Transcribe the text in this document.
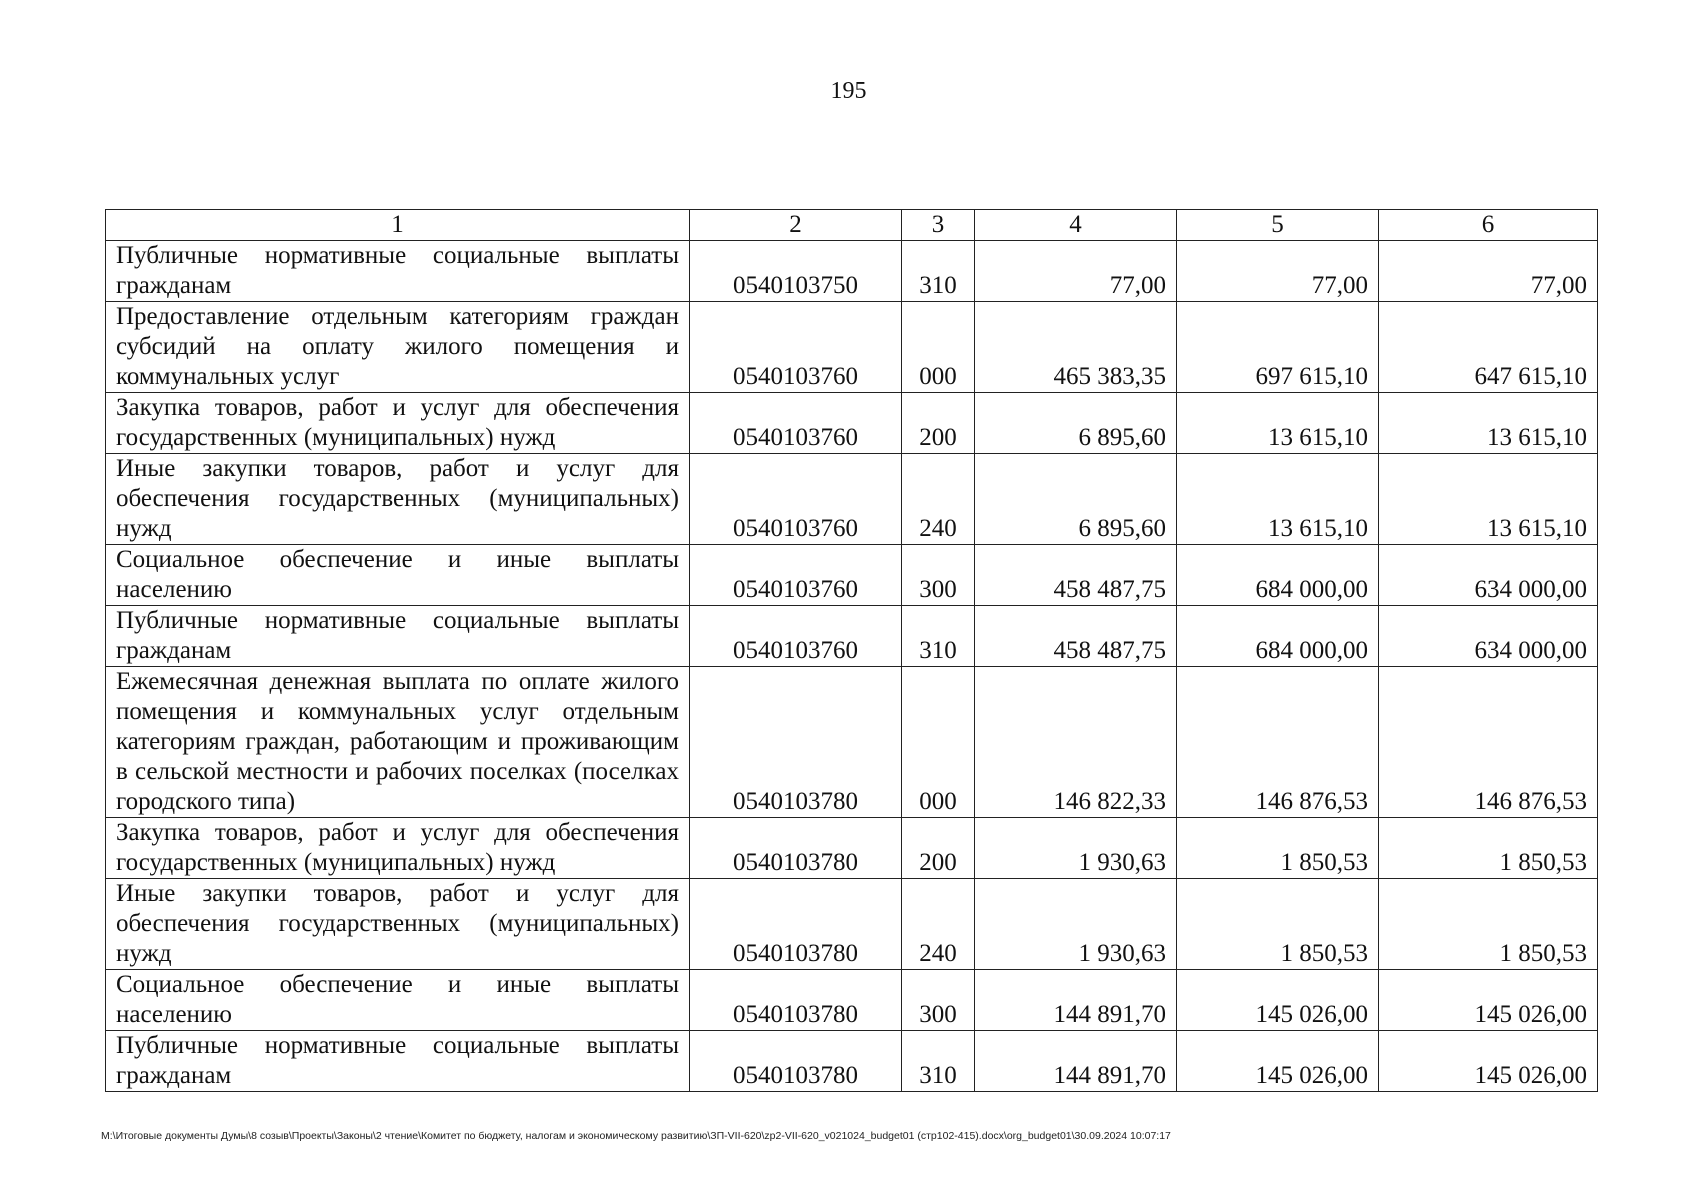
195
1	2	3	4	5	6
Публичные нормативные социальные выплаты гражданам	0540103750	310	77,00	77,00	77,00
Предоставление отдельным категориям граждан субсидий на оплату жилого помещения и коммунальных услуг	0540103760	000	465 383,35	697 615,10	647 615,10
Закупка товаров, работ и услуг для обеспечения государственных (муниципальных) нужд	0540103760	200	6 895,60	13 615,10	13 615,10
Иные закупки товаров, работ и услуг для обеспечения государственных (муниципальных) нужд	0540103760	240	6 895,60	13 615,10	13 615,10
Социальное обеспечение и иные выплаты населению	0540103760	300	458 487,75	684 000,00	634 000,00
Публичные нормативные социальные выплаты гражданам	0540103760	310	458 487,75	684 000,00	634 000,00
Ежемесячная денежная выплата по оплате жилого помещения и коммунальных услуг отдельным категориям граждан, работающим и проживающим в сельской местности и рабочих поселках (поселках городского типа)	0540103780	000	146 822,33	146 876,53	146 876,53
Закупка товаров, работ и услуг для обеспечения государственных (муниципальных) нужд	0540103780	200	1 930,63	1 850,53	1 850,53
Иные закупки товаров, работ и услуг для обеспечения государственных (муниципальных) нужд	0540103780	240	1 930,63	1 850,53	1 850,53
Социальное обеспечение и иные выплаты населению	0540103780	300	144 891,70	145 026,00	145 026,00
Публичные нормативные социальные выплаты гражданам	0540103780	310	144 891,70	145 026,00	145 026,00
M:\Итоговые документы Думы\8 созыв\Проекты\Законы\2 чтение\Комитет по бюджету, налогам и экономическому развитию\ЗП-VII-620\zp2-VII-620_v021024_budget01 (стр102-415).docx\org_budget01\30.09.2024 10:07:17
